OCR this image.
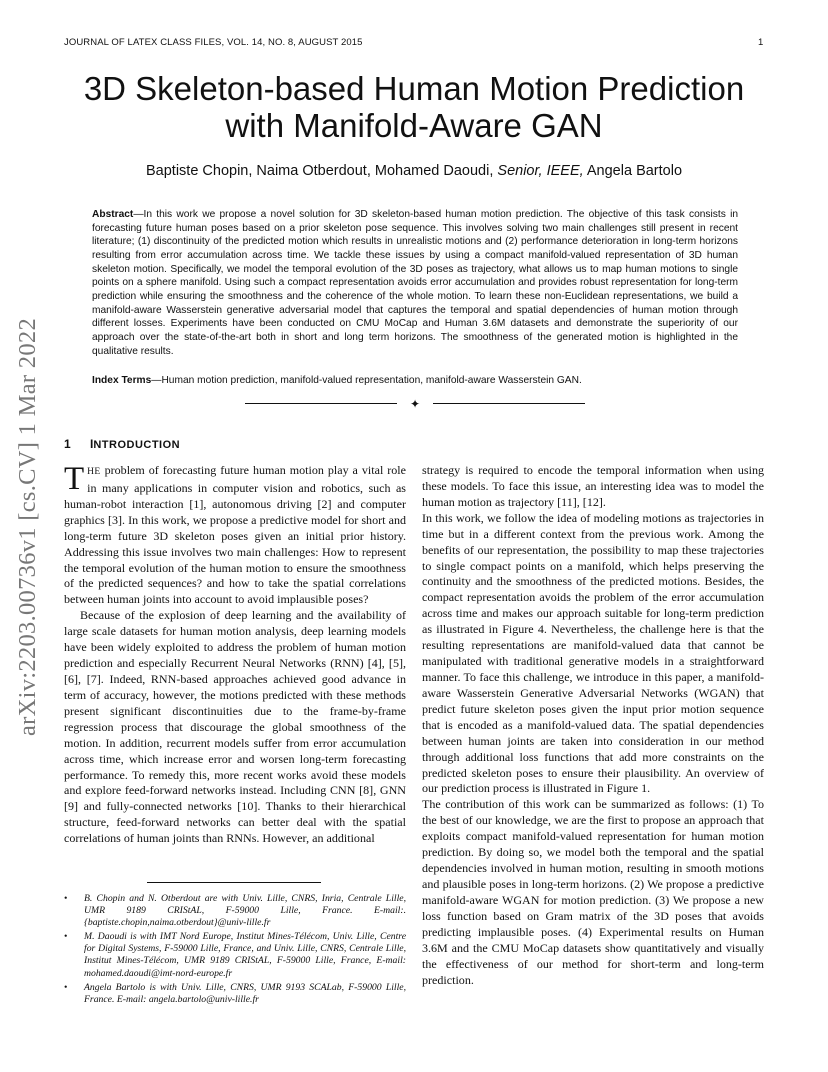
JOURNAL OF LATEX CLASS FILES, VOL. 14, NO. 8, AUGUST 2015	1
arXiv:2203.00736v1 [cs.CV] 1 Mar 2022
3D Skeleton-based Human Motion Prediction
with Manifold-Aware GAN
Baptiste Chopin, Naima Otberdout, Mohamed Daoudi, Senior, IEEE, Angela Bartolo
Abstract—In this work we propose a novel solution for 3D skeleton-based human motion prediction. The objective of this task consists in forecasting future human poses based on a prior skeleton pose sequence. This involves solving two main challenges still present in recent literature; (1) discontinuity of the predicted motion which results in unrealistic motions and (2) performance deterioration in long-term horizons resulting from error accumulation across time. We tackle these issues by using a compact manifold-valued representation of 3D human skeleton motion. Specifically, we model the temporal evolution of the 3D poses as trajectory, what allows us to map human motions to single points on a sphere manifold. Using such a compact representation avoids error accumulation and provides robust representation for long-term prediction while ensuring the smoothness and the coherence of the whole motion. To learn these non-Euclidean representations, we build a manifold-aware Wasserstein generative adversarial model that captures the temporal and spatial dependencies of human motion through different losses. Experiments have been conducted on CMU MoCap and Human 3.6M datasets and demonstrate the superiority of our approach over the state-of-the-art both in short and long term horizons. The smoothness of the generated motion is highlighted in the qualitative results.
Index Terms—Human motion prediction, manifold-valued representation, manifold-aware Wasserstein GAN.
✦
1 INTRODUCTION

THE problem of forecasting future human motion play a vital role in many applications in computer vision and robotics, such as human-robot interaction [1], autonomous driving [2] and computer graphics [3]. In this work, we propose a predictive model for short and long-term future 3D skeleton poses given an initial prior history. Addressing this issue involves two main challenges: How to represent the temporal evolution of the human motion to ensure the smoothness of the predicted sequences? and how to take the spatial correlations between human joints into account to avoid implausible poses?

Because of the explosion of deep learning and the availability of large scale datasets for human motion analysis, deep learning models have been widely exploited to address the problem of human motion prediction and especially Recurrent Neural Networks (RNN) [4], [5], [6], [7]. Indeed, RNN-based approaches achieved good advance in term of accuracy, however, the motions predicted with these methods present significant discontinuities due to the frame-by-frame regression process that discourage the global smoothness of the motion. In addition, recurrent models suffer from error accumulation across time, which increase error and worsen long-term forecasting performance. To remedy this, more recent works avoid these models and explore feed-forward networks instead. Including CNN [8], GNN [9] and fully-connected networks [10]. Thanks to their hierarchical structure, feed-forward networks can better deal with the spatial correlations of human joints than RNNs. However, an additional

• B. Chopin and N. Otberdout are with Univ. Lille, CNRS, Inria, Centrale Lille, UMR 9189 CRIStAL, F-59000 Lille, France. E-mail:. {baptiste.chopin,naima.otberdout}@univ-lille.fr
• M. Daoudi is with IMT Nord Europe, Institut Mines-Télécom, Univ. Lille, Centre for Digital Systems, F-59000 Lille, France, and Univ. Lille, CNRS, Centrale Lille, Institut Mines-Télécom, UMR 9189 CRIStAL, F-59000 Lille, France, E-mail: mohamed.daoudi@imt-nord-europe.fr
• Angela Bartolo is with Univ. Lille, CNRS, UMR 9193 SCALab, F-59000 Lille, France. E-mail: angela.bartolo@univ-lille.fr

strategy is required to encode the temporal information when using these models. To face this issue, an interesting idea was to model the human motion as trajectory [11], [12].

In this work, we follow the idea of modeling motions as trajectories in time but in a different context from the previous work. Among the benefits of our representation, the possibility to map these trajectories to single compact points on a manifold, which helps preserving the continuity and the smoothness of the predicted motions. Besides, the compact representation avoids the problem of the error accumulation across time and makes our approach suitable for long-term prediction as illustrated in Figure 4. Nevertheless, the challenge here is that the resulting representations are manifold-valued data that cannot be manipulated with traditional generative models in a straightforward manner. To face this challenge, we introduce in this paper, a manifold-aware Wasserstein Generative Adversarial Networks (WGAN) that predict future skeleton poses given the input prior motion sequence that is encoded as a manifold-valued data. The spatial dependencies between human joints are taken into consideration in our method through additional loss functions that add more constraints on the predicted skeleton poses to ensure their plausibility. An overview of our prediction process is illustrated in Figure 1.

The contribution of this work can be summarized as follows: (1) To the best of our knowledge, we are the first to propose an approach that exploits compact manifold-valued representation for human motion prediction. By doing so, we model both the temporal and the spatial dependencies involved in human motion, resulting in smooth motions and plausible poses in long-term horizons. (2) We propose a predictive manifold-aware WGAN for motion prediction. (3) We propose a new loss function based on Gram matrix of the 3D poses that avoids predicting implausible poses. (4) Experimental results on Human 3.6M and the CMU MoCap datasets show quantitatively and visually the effectiveness of our method for short-term and long-term prediction.
